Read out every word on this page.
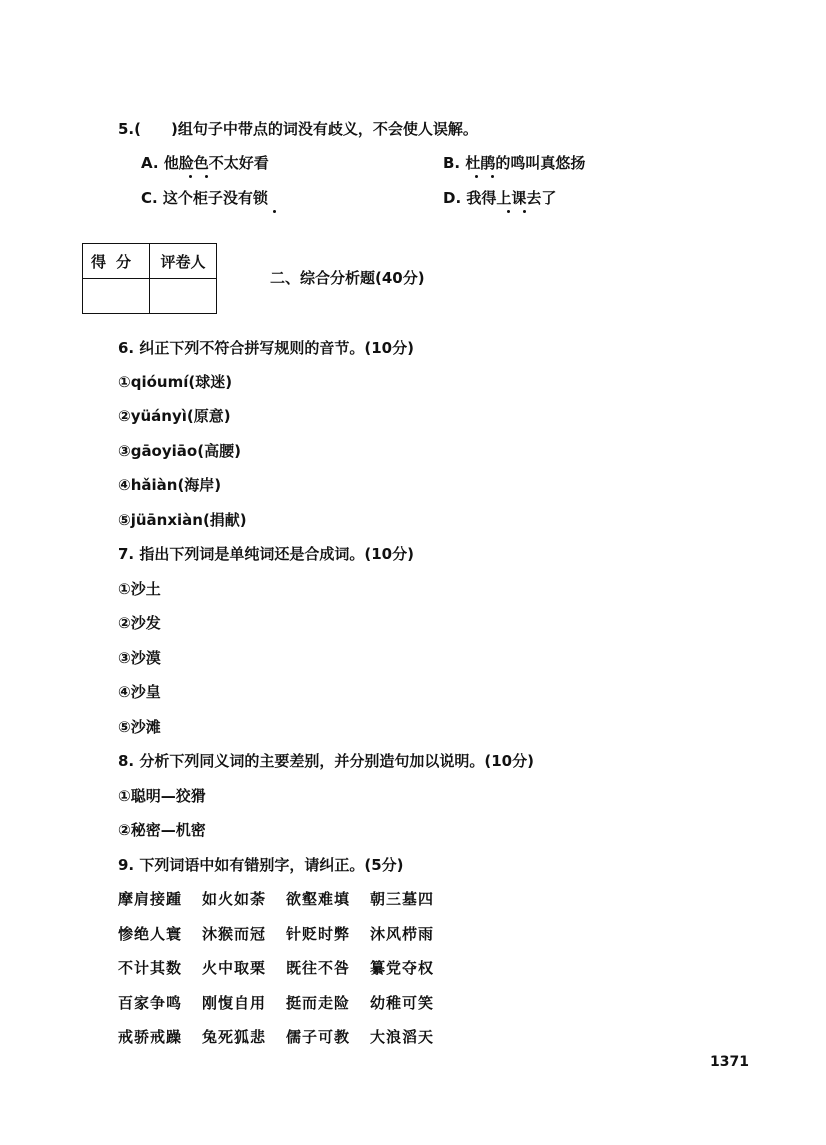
5.(　　)组句子中带点的词没有歧义，不会使人误解。
A. 他脸色不太好看	B. 杜鹃的鸣叫真悠扬
C. 这个柜子没有锁	D. 我得上课去了
得分	评卷人

二、综合分析题(40分)
6. 纠正下列不符合拼写规则的音节。(10分)
①qióumí(球迷)
②yüányì(原意)
③gāoyiāo(高腰)
④hǎiàn(海岸)
⑤jüānxiàn(捐献)
7. 指出下列词是单纯词还是合成词。(10分)
①沙土
②沙发
③沙漠
④沙皇
⑤沙滩
8. 分析下列同义词的主要差别，并分别造句加以说明。(10分)
①聪明—狡猾
②秘密—机密
9. 下列词语中如有错别字，请纠正。(5分)
摩肩接踵	如火如荼	欲壑难填	朝三墓四
惨绝人寰	沐猴而冠	针贬时弊	沐风栉雨
不计其数	火中取栗	既往不咎	纂党夺权
百家争鸣	刚愎自用	挺而走险	幼稚可笑
戒骄戒躁	兔死狐悲	儒子可教	大浪滔天
1371
